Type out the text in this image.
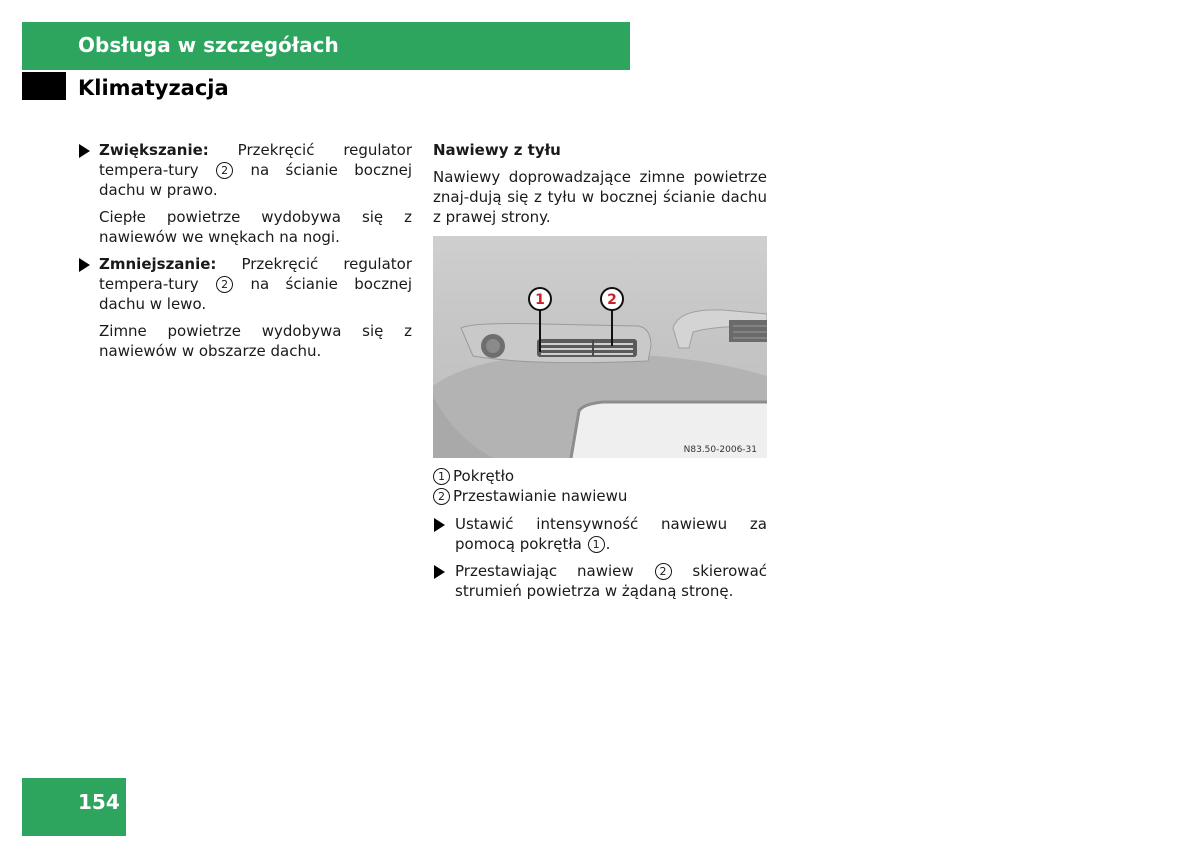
Obsługa w szczegółach
Klimatyzacja
Zwiększanie: Przekręcić regulator tempera-tury 2 na ścianie bocznej dachu w prawo.
Ciepłe powietrze wydobywa się z nawiewów we wnękach na nogi.
Zmniejszanie: Przekręcić regulator tempera-tury 2 na ścianie bocznej dachu w lewo.
Zimne powietrze wydobywa się z nawiewów w obszarze dachu.
Nawiewy z tyłu
Nawiewy doprowadzające zimne powietrze znaj-dują się z tyłu w bocznej ścianie dachu z prawej strony.
1	2
N83.50-2006-31
1 Pokrętło
2 Przestawianie nawiewu
Ustawić intensywność nawiewu za pomocą pokrętła 1 .
Przestawiając nawiew 2 skierować strumień powietrza w żądaną stronę.
154
